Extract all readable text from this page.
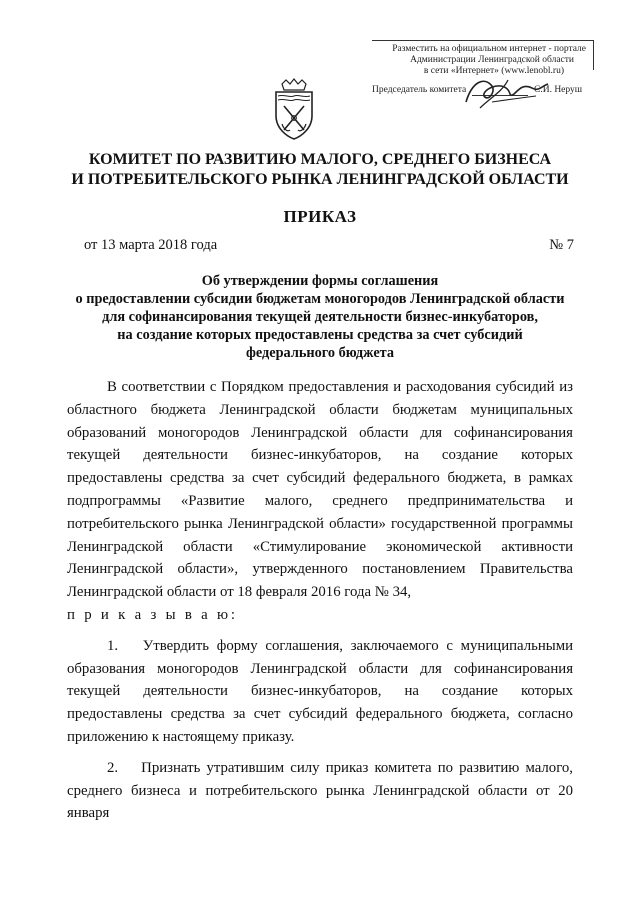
Разместить на официальном интернет - портале
Администрации Ленинградской области
в сети «Интернет» (www.lenobl.ru)
Председатель комитета	С.И. Неруш
КОМИТЕТ ПО РАЗВИТИЮ МАЛОГО, СРЕДНЕГО БИЗНЕСА
И ПОТРЕБИТЕЛЬСКОГО РЫНКА ЛЕНИНГРАДСКОЙ ОБЛАСТИ
ПРИКАЗ
от 13 марта 2018 года	№ 7
Об утверждении формы соглашения
о предоставлении субсидии бюджетам моногородов Ленинградской области
для софинансирования текущей деятельности бизнес-инкубаторов,
на создание которых предоставлены средства за счет субсидий
федерального бюджета

В соответствии с Порядком предоставления и расходования субсидий из областного бюджета Ленинградской области бюджетам муниципальных образований моногородов Ленинградской области для софинансирования текущей деятельности бизнес-инкубаторов, на создание которых предоставлены средства за счет субсидий федерального бюджета, в рамках подпрограммы «Развитие малого, среднего предпринимательства и потребительского рынка Ленинградской области» государственной программы Ленинградской области «Стимулирование экономической активности Ленинградской области», утвержденного постановлением Правительства Ленинградской области от 18 февраля 2016 года № 34,

п р и к а з ы в а ю:

1. Утвердить форму соглашения, заключаемого с муниципальными образования моногородов Ленинградской области для софинансирования текущей деятельности бизнес-инкубаторов, на создание которых предоставлены средства за счет субсидий федерального бюджета, согласно приложению к настоящему приказу.

2. Признать утратившим силу приказ комитета по развитию малого, среднего бизнеса и потребительского рынка Ленинградской области от 20 января
